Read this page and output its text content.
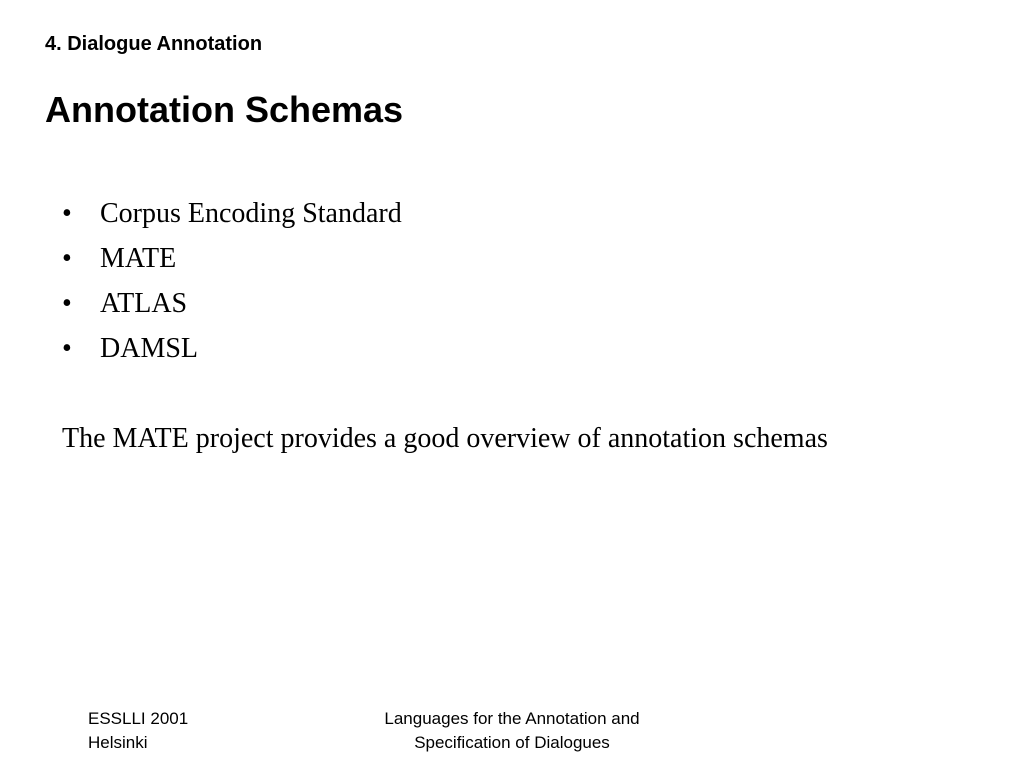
4. Dialogue Annotation
Annotation Schemas
• Corpus Encoding Standard
• MATE
• ATLAS
• DAMSL

The MATE project provides a good overview of annotation schemas

ESSLLI 2001
Helsinki
Languages for the Annotation and
Specification of Dialogues
